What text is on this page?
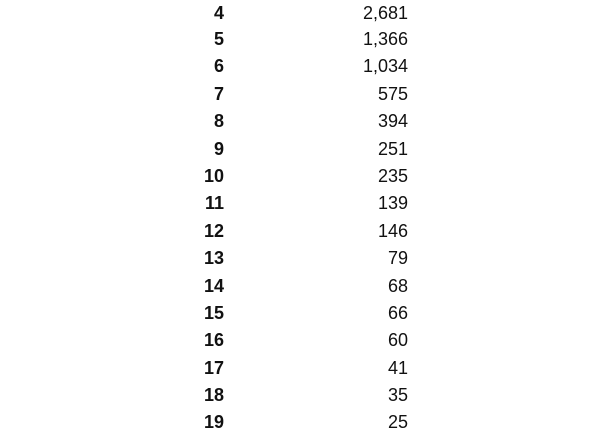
4	2,681
5	1,366
6	1,034
7	575
8	394
9	251
10	235
11	139
12	146
13	79
14	68
15	66
16	60
17	41
18	35
19	25
